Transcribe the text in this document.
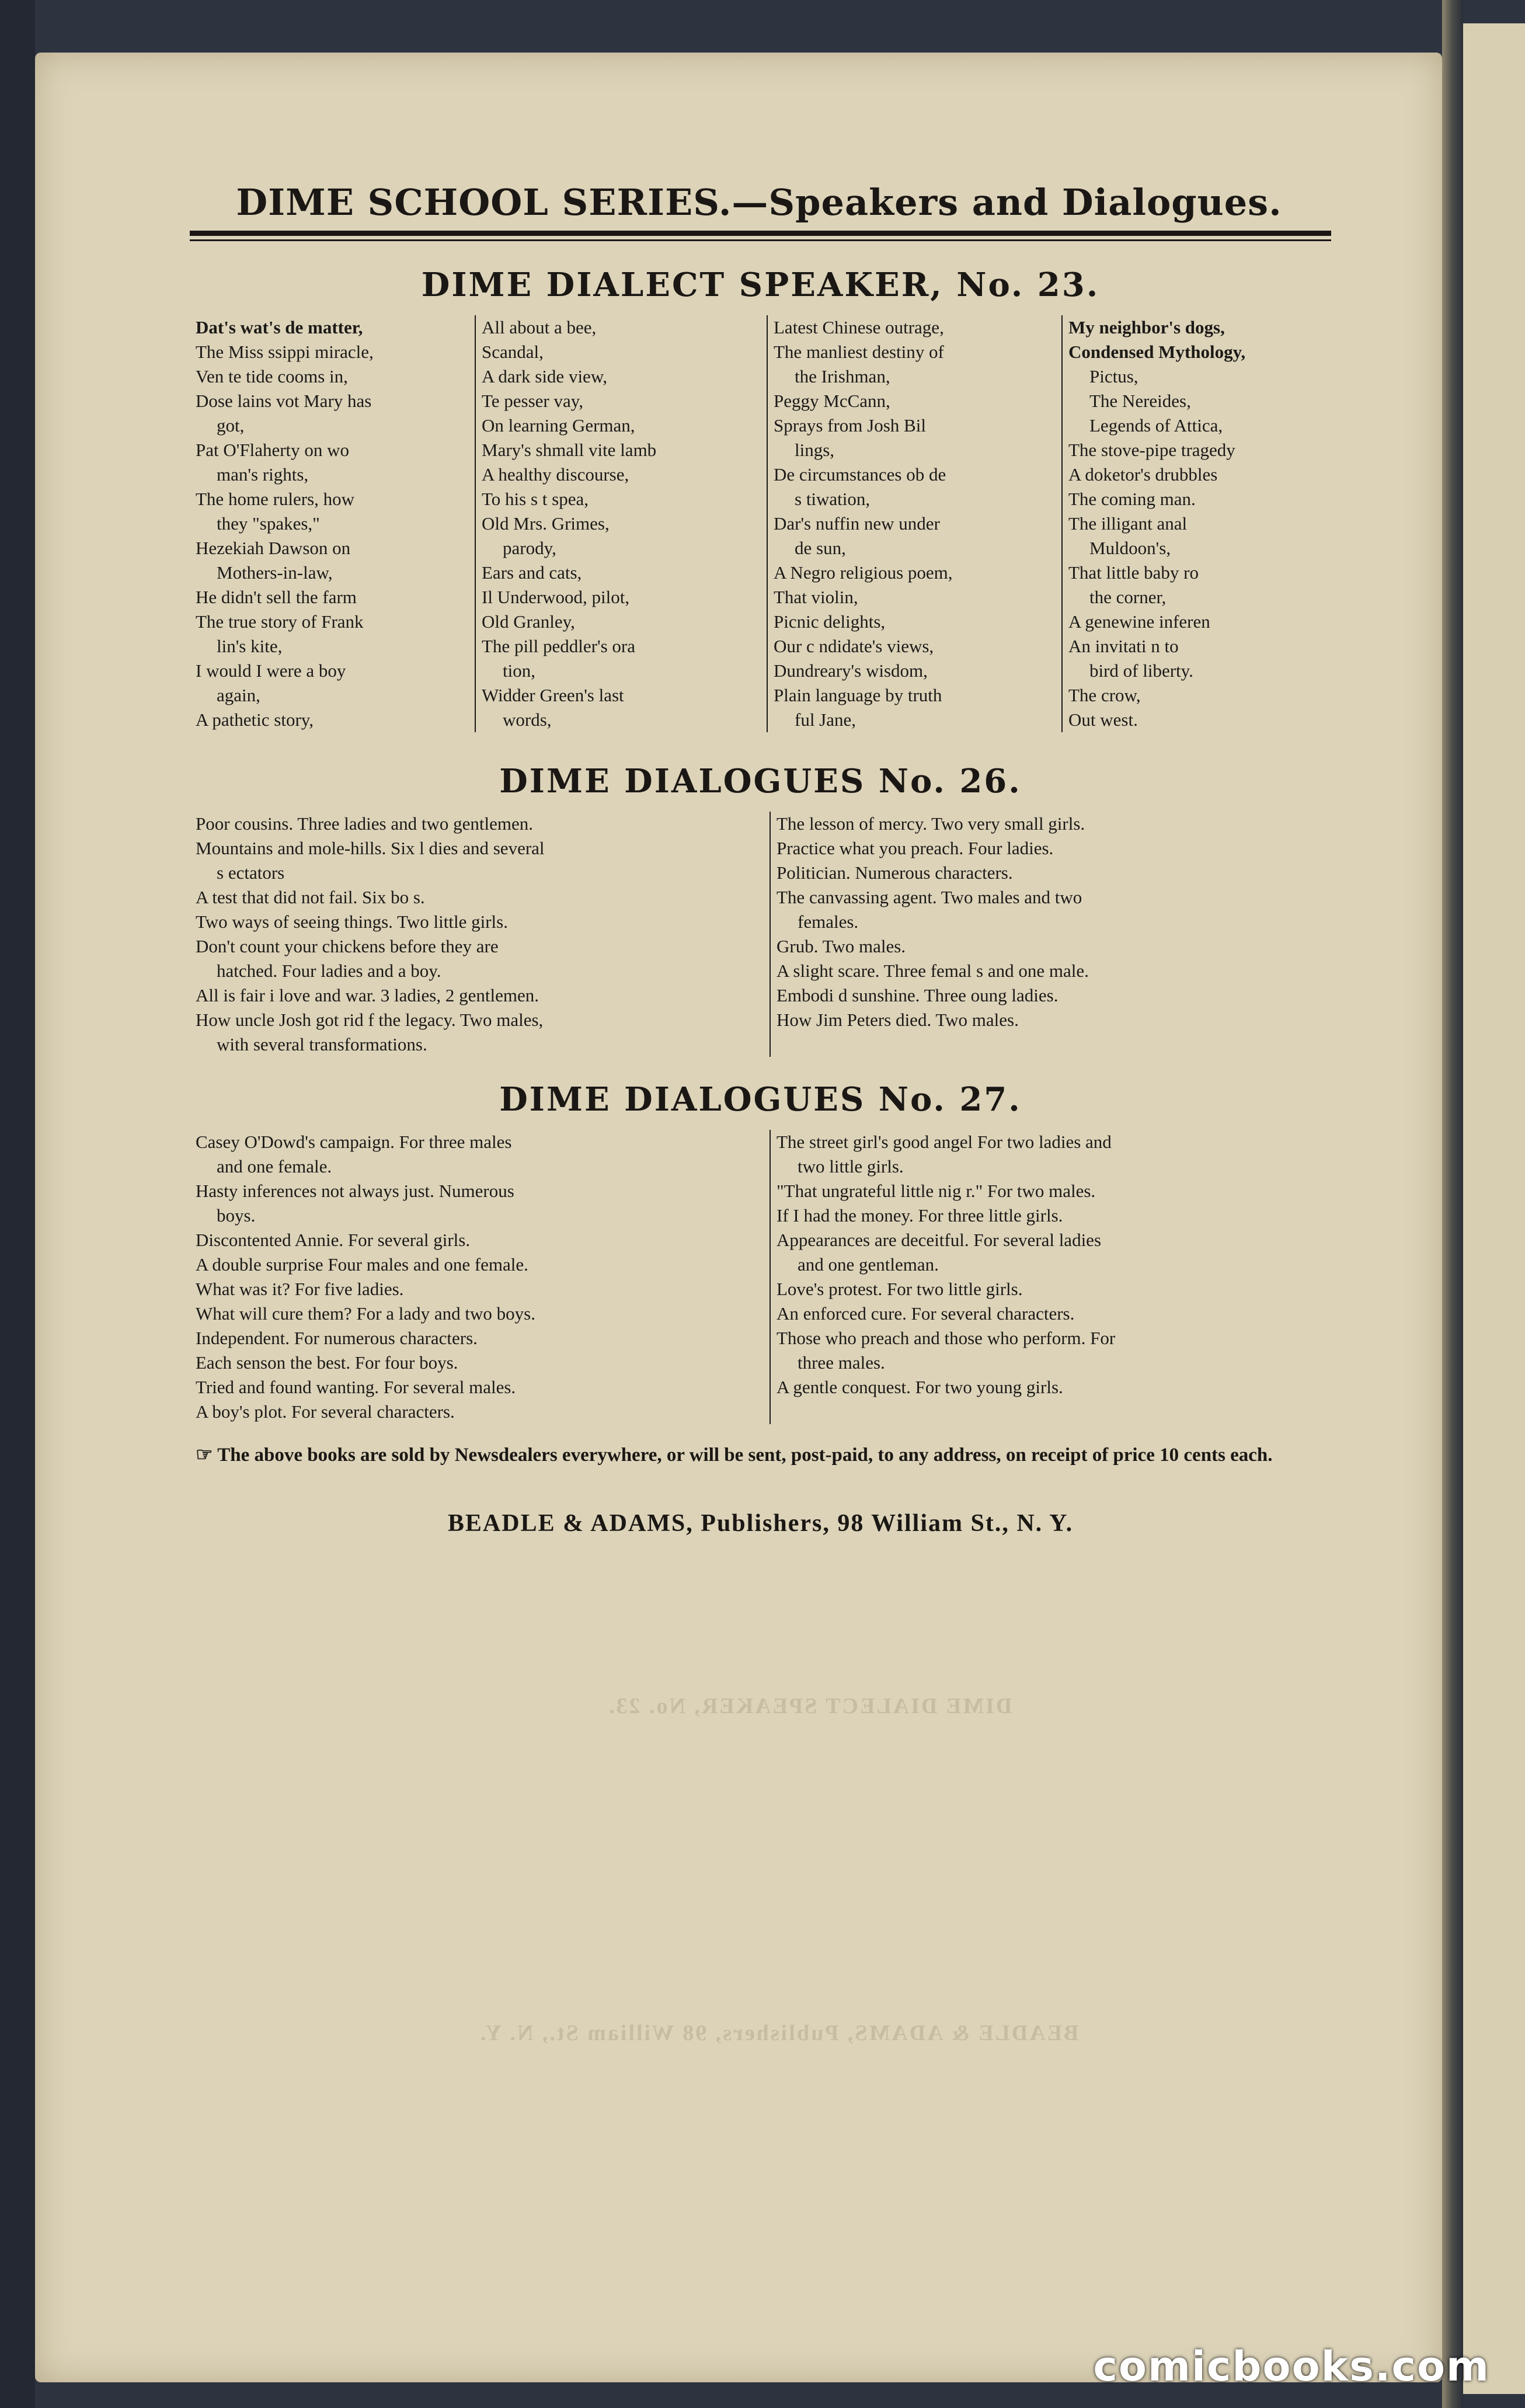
DIME SCHOOL SERIES.—Speakers and Dialogues.
DIME DIALECT SPEAKER, No. 23.
Dat's wat's de matter,
The Miss ssippi miracle,
Ven te tide cooms in,
Dose lains vot Mary has
got,
Pat O'Flaherty on wo
man's rights,
The home rulers, how
they "spakes,"
Hezekiah Dawson on
Mothers-in-law,
He didn't sell the farm
The true story of Frank
lin's kite,
I would I were a boy
again,
A pathetic story,
All about a bee,
Scandal,
A dark side view,
Te pesser vay,
On learning German,
Mary's shmall vite lamb
A healthy discourse,
To his s t spea,
Old Mrs. Grimes,
parody,
Ears and cats,
Il Underwood, pilot,
Old Granley,
The pill peddler's ora
tion,
Widder Green's last
words,
Latest Chinese outrage,
The manliest destiny of
the Irishman,
Peggy McCann,
Sprays from Josh Bil
lings,
De circumstances ob de
s tiwation,
Dar's nuffin new under
de sun,
A Negro religious poem,
That violin,
Picnic delights,
Our c ndidate's views,
Dundreary's wisdom,
Plain language by truth
ful Jane,
My neighbor's dogs,
Condensed Mythology,
Pictus,
The Nereides,
Legends of Attica,
The stove-pipe tragedy
A doketor's drubbles
The coming man.
The illigant anal
Muldoon's,
That little baby ro
the corner,
A genewine inferen
An invitati n to
bird of liberty.
The crow,
Out west.
DIME DIALOGUES No. 26.
Poor cousins. Three ladies and two gentlemen.
Mountains and mole-hills. Six l dies and several
s ectators
A test that did not fail. Six bo s.
Two ways of seeing things. Two little girls.
Don't count your chickens before they are
hatched. Four ladies and a boy.
All is fair i love and war. 3 ladies, 2 gentlemen.
How uncle Josh got rid f the legacy. Two males,
with several transformations.
The lesson of mercy. Two very small girls.
Practice what you preach. Four ladies.
Politician. Numerous characters.
The canvassing agent. Two males and two
females.
Grub. Two males.
A slight scare. Three femal s and one male.
Embodi d sunshine. Three oung ladies.
How Jim Peters died. Two males.
DIME DIALOGUES No. 27.
Casey O'Dowd's campaign. For three males
and one female.
Hasty inferences not always just. Numerous
boys.
Discontented Annie. For several girls.
A double surprise Four males and one female.
What was it? For five ladies.
What will cure them? For a lady and two boys.
Independent. For numerous characters.
Each senson the best. For four boys.
Tried and found wanting. For several males.
A boy's plot. For several characters.
The street girl's good angel For two ladies and
two little girls.
"That ungrateful little nig r." For two males.
If I had the money. For three little girls.
Appearances are deceitful. For several ladies
and one gentleman.
Love's protest. For two little girls.
An enforced cure. For several characters.
Those who preach and those who perform. For
three males.
A gentle conquest. For two young girls.
☞ The above books are sold by Newsdealers everywhere, or will be sent, post-paid, to any address, on receipt of price 10 cents each.
BEADLE & ADAMS, Publishers, 98 William St., N. Y.
DIME DIALECT SPEAKER, No. 23.
BEADLE & ADAMS, Publishers, 98 William St., N. Y.
comicbooks.com
